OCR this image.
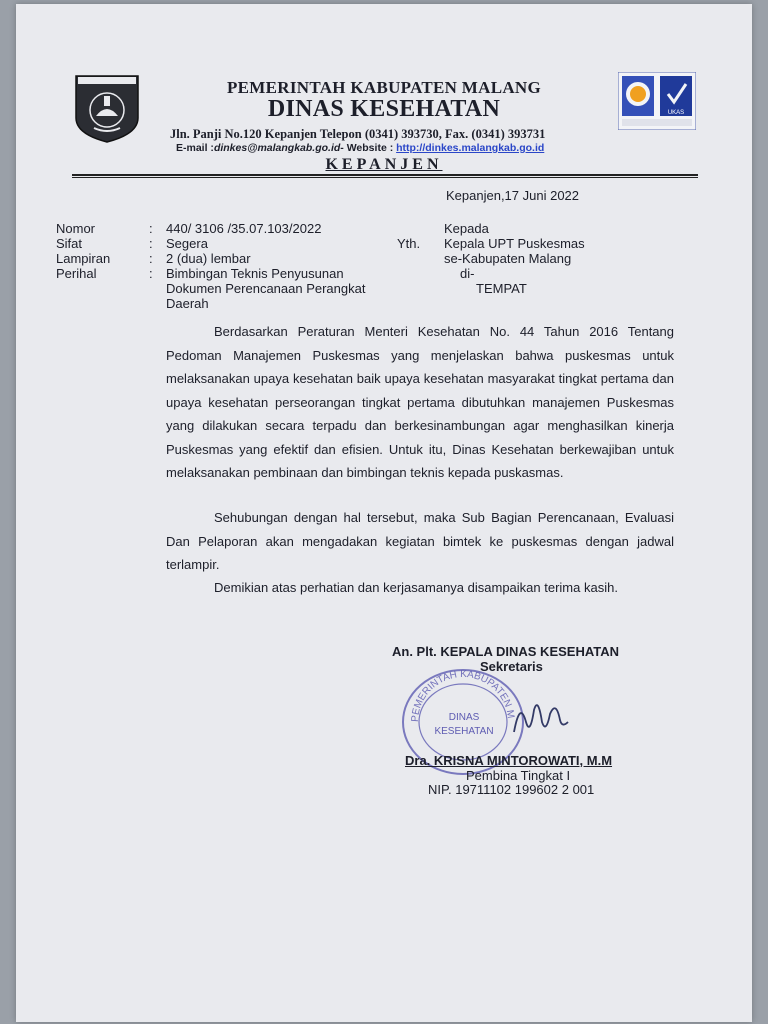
UKAS
PEMERINTAH KABUPATEN MALANG
DINAS KESEHATAN
Jln. Panji No.120 Kepanjen Telepon (0341) 393730, Fax. (0341) 393731
E-mail :dinkes@malangkab.go.id- Website : http://dinkes.malangkab.go.id
KEPANJEN
Kepanjen,17 Juni 2022
Nomor	: 440/ 3106 /35.07.103/2022
Sifat	: Segera
Lampiran	: 2 (dua) lembar
Perihal	: Bimbingan Teknis Penyusunan
Dokumen Perencanaan Perangkat
Daerah
Kepada
Yth. Kepala UPT Puskesmas
se-Kabupaten Malang
di-
TEMPAT
Berdasarkan Peraturan Menteri Kesehatan No. 44 Tahun 2016 Tentang Pedoman Manajemen Puskesmas yang menjelaskan bahwa puskesmas untuk melaksanakan upaya kesehatan baik upaya kesehatan masyarakat tingkat pertama dan upaya kesehatan perseorangan tingkat pertama dibutuhkan manajemen Puskesmas yang dilakukan secara terpadu dan berkesinambungan agar menghasilkan kinerja Puskesmas yang efektif dan efisien. Untuk itu, Dinas Kesehatan berkewajiban untuk melaksanakan pembinaan dan bimbingan teknis kepada puskasmas.
Sehubungan dengan hal tersebut, maka Sub Bagian Perencanaan, Evaluasi Dan Pelaporan akan mengadakan kegiatan bimtek ke puskesmas dengan jadwal terlampir.
Demikian atas perhatian dan kerjasamanya disampaikan terima kasih.
An. Plt. KEPALA DINAS KESEHATAN
Sekretaris
PEMERINTAH KABUPATEN M
DINAS
KESEHATAN
Dra. KRISNA MINTOROWATI, M.M
Pembina Tingkat I
NIP. 19711102 199602 2 001
